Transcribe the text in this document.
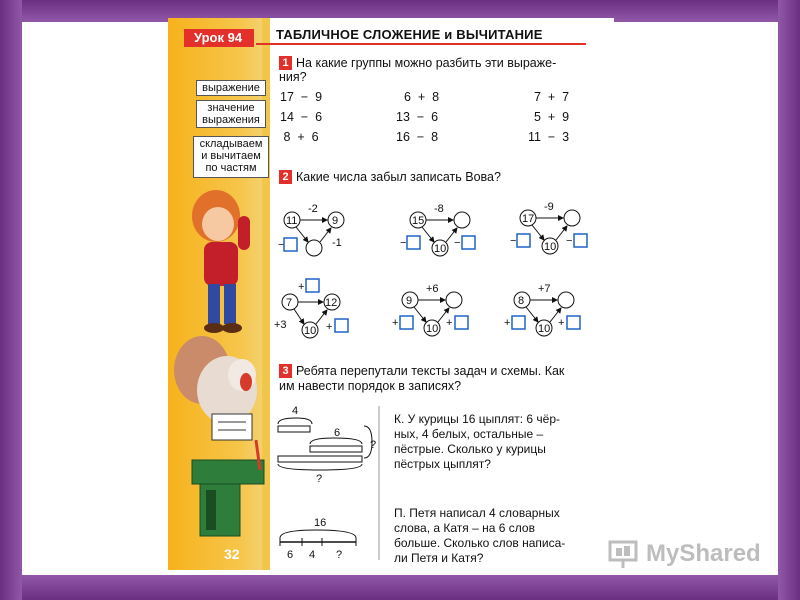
Урок 94	ТАБЛИЧНОЕ СЛОЖЕНИЕ и ВЫЧИТАНИЕ
выражение
значение
выражения
складываем
и вычитаем
по частям
1 На какие группы можно разбить эти выраже-
ния?
17  −  9	6  +  8	7  +  7
14  −  6	13  −  6	5  +  9
8  +  6	16  −  8	11  −  3
2 Какие числа забыл записать Вова?
11
-2
9
−	-1
15
-8
10
−	−
17
-9
10
−	−
7
+
12
10
+3	+
9
+6
10
+	+
8
+7
10
+	+
3 Ребята перепутали тексты задач и схемы. Как
им навести порядок в записях?
4
6
?
?
16
6 4 ?
К. У курицы 16 цыплят: 6 чёр-
ных, 4 белых, остальные –
пёстрые. Сколько у курицы
пёстрых цыплят?
П. Петя написал 4 словарных
слова, а Катя – на 6 слов
больше. Сколько слов написа-
ли Петя и Катя?
32	MyShared
